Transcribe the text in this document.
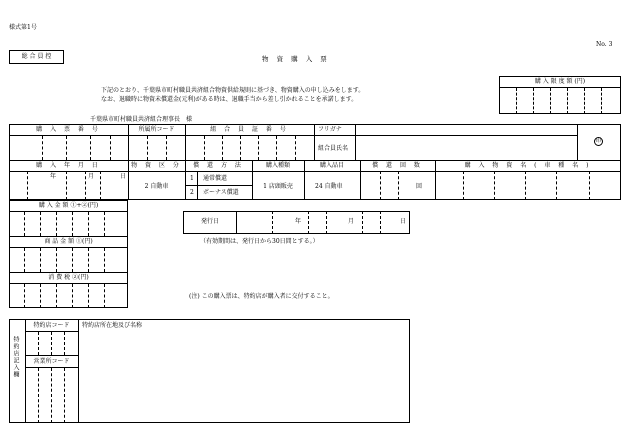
様式第1号
No. 3
総 合 員 控	物 資 購 入 票
下記のとおり、千葉県市町村職員共済組合物資供給規則に基づき、物資購入の申し込みをします。
なお、退職時に物資未償還金(元利)がある時は、退職手当から差し引かれることを承諾します。
千葉県市町村職員共済組合理事長　様
購 入 限 度 額 (円)
購 入 票 番 号	所属所コード	組 合 員 証 番 号	フリガナ
組合員氏名
印
購 入 年 月 日	物 資 区 分	償 還 方 法	購入種類	購入品目	償 還 回 数	購 入 物 資 名 ( 車 種 名 )
年	月	日
2 自動車
1 通常償還
2 ボーナス償還
1 店頭販売	24 自動車	回
購 入 金 額 ①+②(円)
商 品 金 額 ①(円)
消 費 税 ②(円)
発行日	年	月	日
（有効期間は、発行日から30日間とする。）
(注) この購入票は、特約店が購入者に交付すること。
特約店記入欄
特約店コード
営業所コード
特約店所在地及び名称
